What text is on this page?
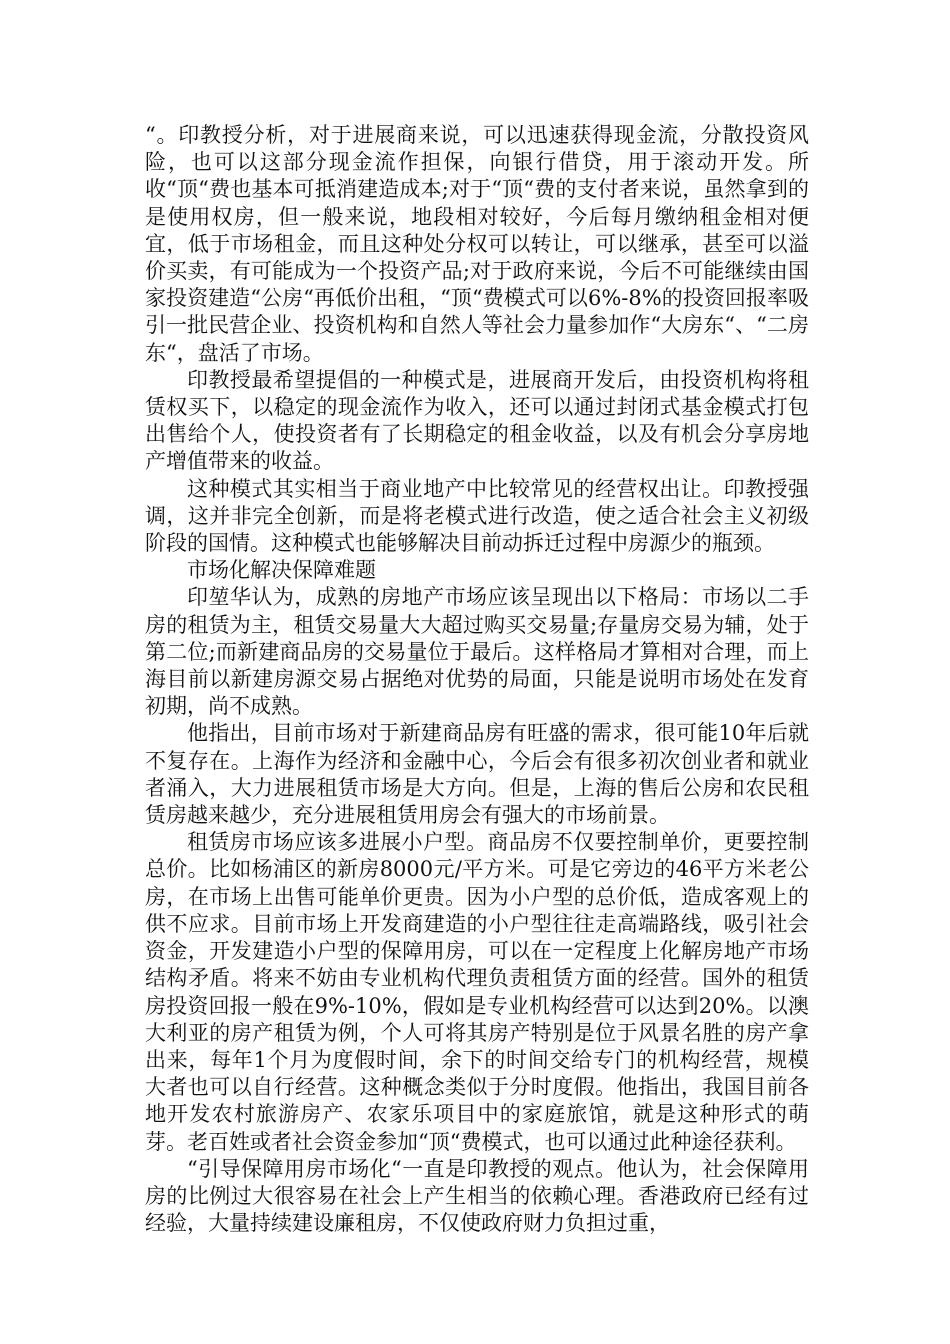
“。印教授分析，对于进展商来说，可以迅速获得现金流，分散投资风险，也可以这部分现金流作担保，向银行借贷，用于滚动开发。所收“顶“费也基本可抵消建造成本;对于“顶“费的支付者来说，虽然拿到的是使用权房，但一般来说，地段相对较好，今后每月缴纳租金相对便宜，低于市场租金，而且这种处分权可以转让，可以继承，甚至可以溢价买卖，有可能成为一个投资产品;对于政府来说，今后不可能继续由国家投资建造“公房“再低价出租，“顶“费模式可以6%-8%的投资回报率吸引一批民营企业、投资机构和自然人等社会力量参加作“大房东“、“二房东“，盘活了市场。

印教授最希望提倡的一种模式是，进展商开发后，由投资机构将租赁权买下，以稳定的现金流作为收入，还可以通过封闭式基金模式打包出售给个人，使投资者有了长期稳定的租金收益，以及有机会分享房地产增值带来的收益。

这种模式其实相当于商业地产中比较常见的经营权出让。印教授强调，这并非完全创新，而是将老模式进行改造，使之适合社会主义初级阶段的国情。这种模式也能够解决目前动拆迁过程中房源少的瓶颈。

市场化解决保障难题

印堃华认为，成熟的房地产市场应该呈现出以下格局：市场以二手房的租赁为主，租赁交易量大大超过购买交易量;存量房交易为辅，处于第二位;而新建商品房的交易量位于最后。这样格局才算相对合理，而上海目前以新建房源交易占据绝对优势的局面，只能是说明市场处在发育初期，尚不成熟。

他指出，目前市场对于新建商品房有旺盛的需求，很可能10年后就不复存在。上海作为经济和金融中心，今后会有很多初次创业者和就业者涌入，大力进展租赁市场是大方向。但是，上海的售后公房和农民租赁房越来越少，充分进展租赁用房会有强大的市场前景。

租赁房市场应该多进展小户型。商品房不仅要控制单价，更要控制总价。比如杨浦区的新房8000元/平方米。可是它旁边的46平方米老公房，在市场上出售可能单价更贵。因为小户型的总价低，造成客观上的供不应求。目前市场上开发商建造的小户型往往走高端路线，吸引社会资金，开发建造小户型的保障用房，可以在一定程度上化解房地产市场结构矛盾。将来不妨由专业机构代理负责租赁方面的经营。国外的租赁房投资回报一般在9%-10%，假如是专业机构经营可以达到20%。以澳大利亚的房产租赁为例，个人可将其房产特别是位于风景名胜的房产拿出来，每年1个月为度假时间，余下的时间交给专门的机构经营，规模大者也可以自行经营。这种概念类似于分时度假。他指出，我国目前各地开发农村旅游房产、农家乐项目中的家庭旅馆，就是这种形式的萌芽。老百姓或者社会资金参加“顶“费模式，也可以通过此种途径获利。

“引导保障用房市场化“一直是印教授的观点。他认为，社会保障用房的比例过大很容易在社会上产生相当的依赖心理。香港政府已经有过经验，大量持续建设廉租房，不仅使政府财力负担过重，
